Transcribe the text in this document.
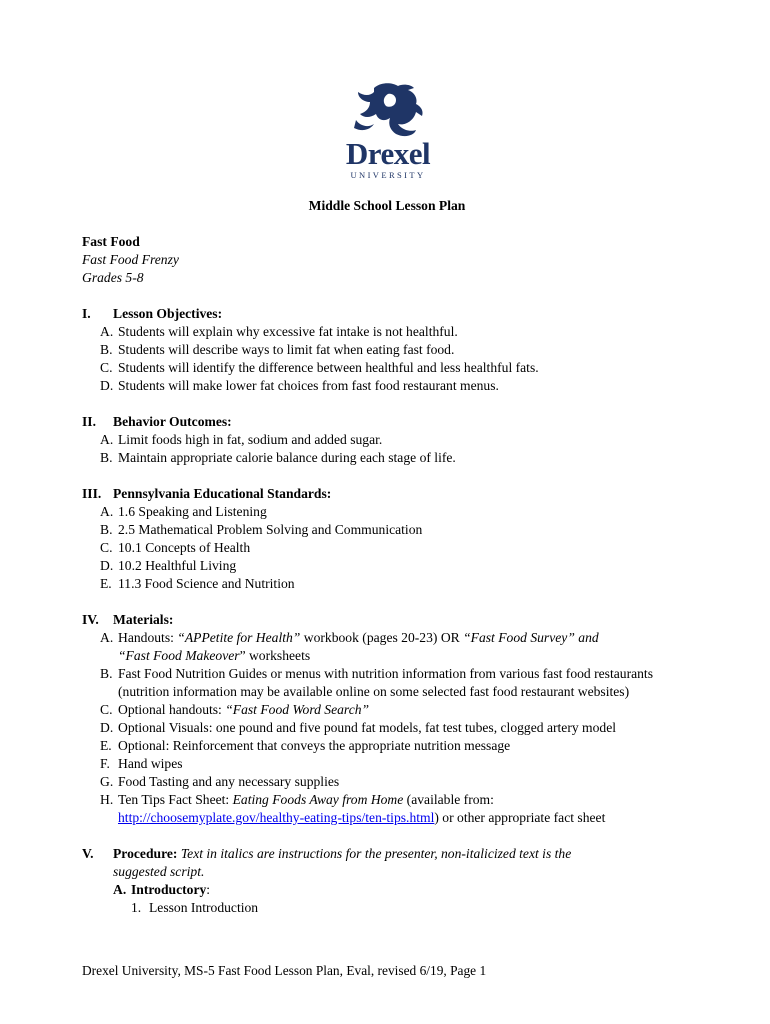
Drexel
UNIVERSITY

Middle School Lesson Plan

Fast Food

Fast Food Frenzy

Grades 5-8

I.	Lesson Objectives:
A. Students will explain why excessive fat intake is not healthful.
B. Students will describe ways to limit fat when eating fast food.
C. Students will identify the difference between healthful and less healthful fats.
D. Students will make lower fat choices from fast food restaurant menus.
II.	Behavior Outcomes:
A. Limit foods high in fat, sodium and added sugar.
B. Maintain appropriate calorie balance during each stage of life.
III. Pennsylvania Educational Standards:
A. 1.6 Speaking and Listening
B. 2.5 Mathematical Problem Solving and Communication
C. 10.1 Concepts of Health
D. 10.2 Healthful Living
E. 11.3 Food Science and Nutrition
IV.	Materials:
A. Handouts: “APPetite for Health” workbook (pages 20-23) OR “Fast Food Survey” and
“Fast Food Makeover” worksheets
B. Fast Food Nutrition Guides or menus with nutrition information from various fast food restaurants (nutrition information may be available online on some selected fast food restaurant websites)
C. Optional handouts: “Fast Food Word Search”
D. Optional Visuals: one pound and five pound fat models, fat test tubes, clogged artery model
E. Optional: Reinforcement that conveys the appropriate nutrition message
F. Hand wipes
G. Food Tasting and any necessary supplies
H. Ten Tips Fact Sheet: Eating Foods Away from Home (available from:
http://choosemyplate.gov/healthy-eating-tips/ten-tips.html) or other appropriate fact sheet
V.	Procedure: Text in italics are instructions for the presenter, non-italicized text is the

suggested script.

A. Introductory:

1. Lesson Introduction

Drexel University, MS-5 Fast Food Lesson Plan, Eval, revised 6/19, Page 1
